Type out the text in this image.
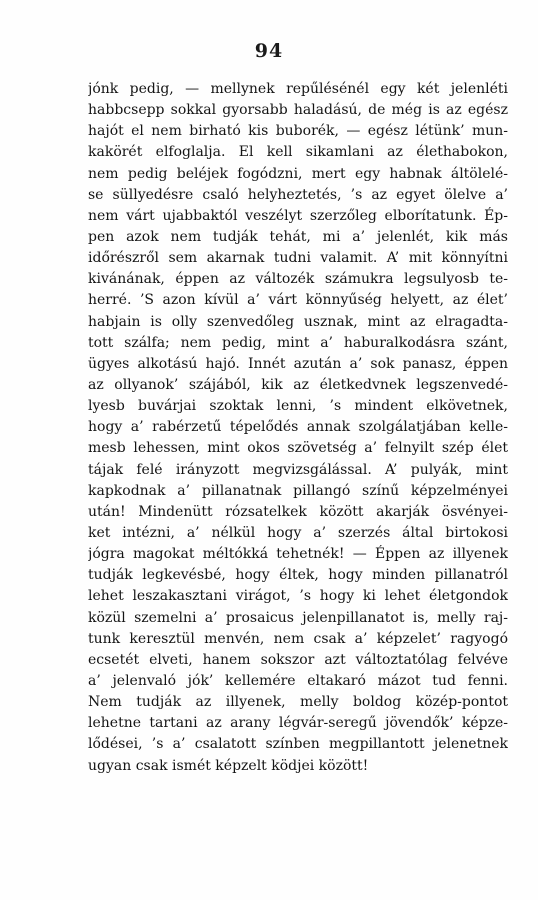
94
jónk pedig, — mellynek repűlésénél egy két jelenléti
habbcsepp sokkal gyorsabb haladású, de még is az egész
hajót el nem birható kis buborék, — egész létünk’ mun-
kakörét elfoglalja. El kell sikamlani az élethabokon,
nem pedig beléjek fogódzni, mert egy habnak áltölelé-
se süllyedésre csaló helyheztetés, ’s az egyet ölelve a’
nem várt ujabbaktól veszélyt szerzőleg elborítatunk. Ép-
pen azok nem tudják tehát, mi a’ jelenlét, kik más
időrészről sem akarnak tudni valamit. A’ mit könnyítni
kivánának, éppen az változék számukra legsulyosb te-
herré. ’S azon kívül a’ várt könnyűség helyett, az élet’
habjain is olly szenvedőleg usznak, mint az elragadta-
tott szálfa; nem pedig, mint a’ haburalkodásra szánt,
ügyes alkotású hajó. Innét azután a’ sok panasz, éppen
az ollyanok’ szájából, kik az életkedvnek legszenvedé-
lyesb buvárjai szoktak lenni, ’s mindent elkövetnek,
hogy a’ rabérzetű tépelődés annak szolgálatjában kelle-
mesb lehessen, mint okos szövetség a’ felnyilt szép élet
tájak felé irányzott megvizsgálással. A’ pulyák, mint
kapkodnak a’ pillanatnak pillangó színű képzelményei
után! Mindenütt rózsatelkek között akarják ösvényei-
ket intézni, a’ nélkül hogy a’ szerzés által birtokosi
jógra magokat méltókká tehetnék! — Éppen az illyenek
tudják legkevésbé, hogy éltek, hogy minden pillanatról
lehet leszakasztani virágot, ’s hogy ki lehet életgondok
közül szemelni a’ prosaicus jelenpillanatot is, melly raj-
tunk keresztül menvén, nem csak a’ képzelet’ ragyogó
ecsetét elveti, hanem sokszor azt változtatólag felvéve
a’ jelenvaló jók’ kellemére eltakaró mázot tud fenni.
Nem tudják az illyenek, melly boldog közép-pontot
lehetne tartani az arany légvár-seregű jövendők’ képze-
lődései, ’s a’ csalatott színben megpillantott jelenetnek
ugyan csak ismét képzelt ködjei között!
